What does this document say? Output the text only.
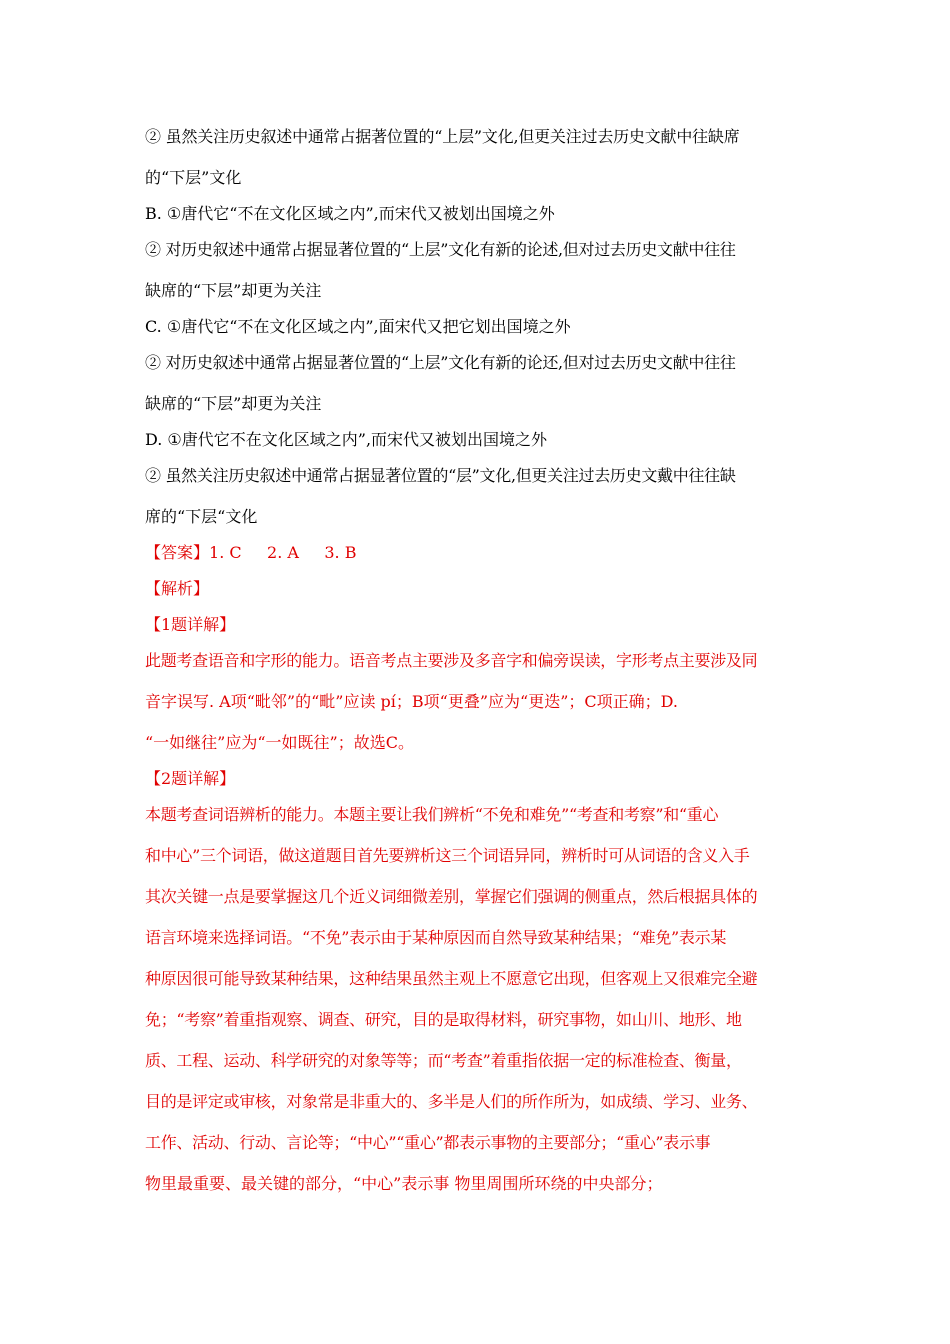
② 虽然关注历史叙述中通常占据著位置的“上层”文化,但更关注过去历史文献中往缺席
的“下层”文化
B. ①唐代它“不在文化区域之内”,而宋代又被划出国境之外
② 对历史叙述中通常占据显著位置的“上层”文化有新的论述,但对过去历史文献中往往
缺席的“下层”却更为关注
C. ①唐代它“不在文化区域之内”,面宋代又把它划出国境之外
② 对历史叙述中通常占据显著位置的“上层”文化有新的论还,但对过去历史文献中往往
缺席的“下层”却更为关注
D. ①唐代它不在文化区域之内”,而宋代又被划出国境之外
② 虽然关注历史叙述中通常占据显著位置的“层”文化,但更关注过去历史文戴中往往缺
席的“下层“文化
【答案】1. C     2. A     3. B
【解析】
【1题详解】
此题考查语音和字形的能力。语音考点主要涉及多音字和偏旁误读，字形考点主要涉及同
音字误写. A项“毗邻”的“毗”应读 pí；B项“更叠”应为“更迭”；C项正确；D.
“一如继往”应为“一如既往”；故选C。
【2题详解】
本题考查词语辨析的能力。本题主要让我们辨析“不免和难免”“考查和考察”和“重心
和中心”三个词语，做这道题目首先要辨析这三个词语异同，辨析时可从词语的含义入手
其次关键一点是要掌握这几个近义词细微差别，掌握它们强调的侧重点，然后根据具体的
语言环境来选择词语。“不免”表示由于某种原因而自然导致某种结果；“难免”表示某
种原因很可能导致某种结果，这种结果虽然主观上不愿意它出现，但客观上又很难完全避
免；“考察”着重指观察、调查、研究，目的是取得材料，研究事物，如山川、地形、地
质、工程、运动、科学研究的对象等等；而“考查”着重指依据一定的标准检查、衡量，
目的是评定或审核，对象常是非重大的、多半是人们的所作所为，如成绩、学习、业务、
工作、活动、行动、言论等；“中心”“重心”都表示事物的主要部分；“重心”表示事
物里最重要、最关键的部分，“中心”表示事 物里周围所环绕的中央部分；
